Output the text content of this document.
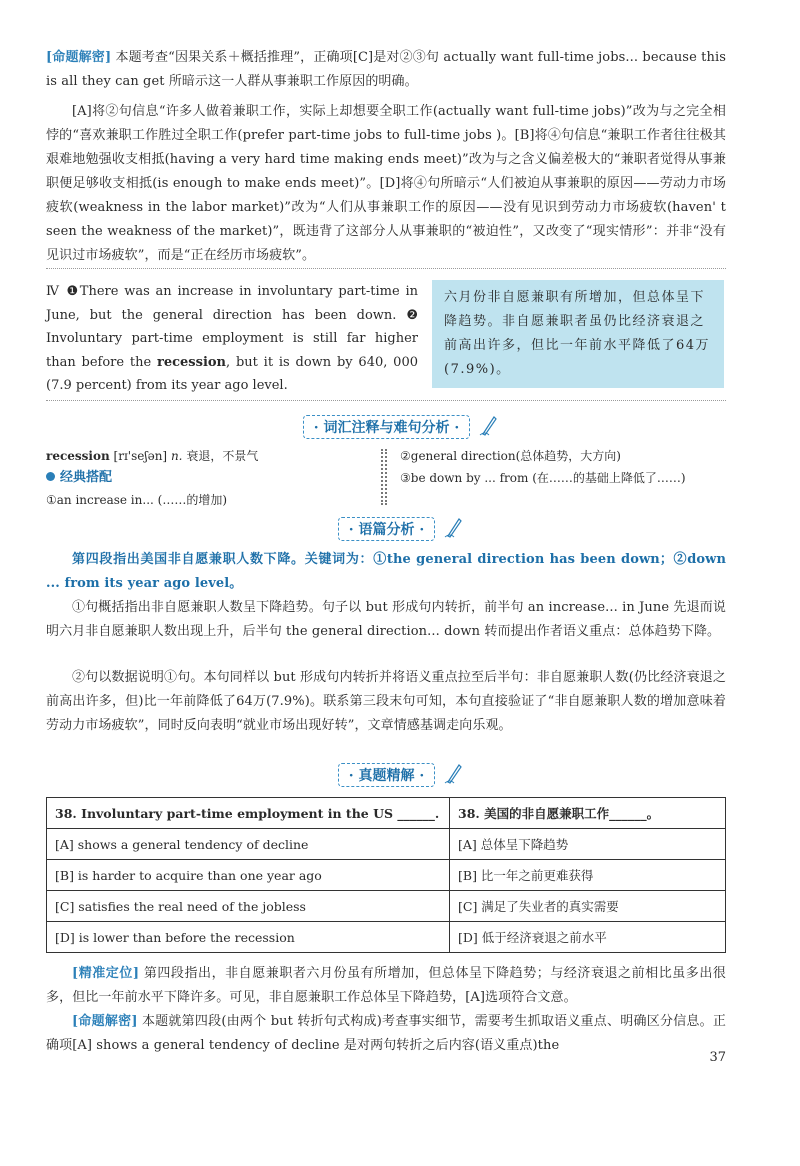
[命题解密] 本题考查“因果关系＋概括推理”，正确项[C]是对②③句 actually want full-time jobs... because this is all they can get 所暗示这一人群从事兼职工作原因的明确。
[A]将②句信息“许多人做着兼职工作，实际上却想要全职工作(actually want full-time jobs)”改为与之完全相悖的“喜欢兼职工作胜过全职工作(prefer part-time jobs to full-time jobs )。[B]将④句信息“兼职工作者往往极其艰难地勉强收支相抵(having a very hard time making ends meet)”改为与之含义偏差极大的“兼职者觉得从事兼职便足够收支相抵(is enough to make ends meet)”。[D]将④句所暗示“人们被迫从事兼职的原因——劳动力市场疲软(weakness in the labor market)”改为“人们从事兼职工作的原因——没有见识到劳动力市场疲软(haven' t seen the weakness of the market)”，既违背了这部分人从事兼职的“被迫性”，又改变了“现实情形”：并非“没有见识过市场疲软”，而是“正在经历市场疲软”。
Ⅳ ❶There was an increase in involuntary part-time in June, but the general direction has been down. ❷ Involuntary part-time employment is still far higher than before the recession, but it is down by 640, 000 (7.9 percent) from its year ago level.
六月份非自愿兼职有所增加，但总体呈下降趋势。非自愿兼职者虽仍比经济衰退之前高出许多，但比一年前水平降低了64万(7.9%)。
· 词汇注释与难句分析 ·
recession [rɪ'seʃən] n. 衰退，不景气
经典搭配
①an increase in... (……的增加)
②general direction(总体趋势，大方向)
③be down by ... from (在……的基础上降低了……)
· 语篇分析 ·
第四段指出美国非自愿兼职人数下降。关键词为：①the general direction has been down；②down ... from its year ago level。
①句概括指出非自愿兼职人数呈下降趋势。句子以 but 形成句内转折，前半句 an increase... in June 先退而说明六月非自愿兼职人数出现上升，后半句 the general direction... down 转而提出作者语义重点：总体趋势下降。
②句以数据说明①句。本句同样以 but 形成句内转折并将语义重点拉至后半句：非自愿兼职人数(仍比经济衰退之前高出许多，但)比一年前降低了64万(7.9%)。联系第三段末句可知，本句直接验证了“非自愿兼职人数的增加意味着劳动力市场疲软”，同时反向表明“就业市场出现好转”，文章情感基调走向乐观。
· 真题精解 ·
38. Involuntary part-time employment in the US ______.	38. 美国的非自愿兼职工作______。
[A] shows a general tendency of decline	[A] 总体呈下降趋势
[B] is harder to acquire than one year ago	[B] 比一年之前更难获得
[C] satisfies the real need of the jobless	[C] 满足了失业者的真实需要
[D] is lower than before the recession	[D] 低于经济衰退之前水平
[精准定位] 第四段指出，非自愿兼职者六月份虽有所增加，但总体呈下降趋势；与经济衰退之前相比虽多出很多，但比一年前水平下降许多。可见，非自愿兼职工作总体呈下降趋势，[A]选项符合文意。
[命题解密] 本题就第四段(由两个 but 转折句式构成)考查事实细节，需要考生抓取语义重点、明确区分信息。正确项[A] shows a general tendency of decline 是对两句转折之后内容(语义重点)the
37
